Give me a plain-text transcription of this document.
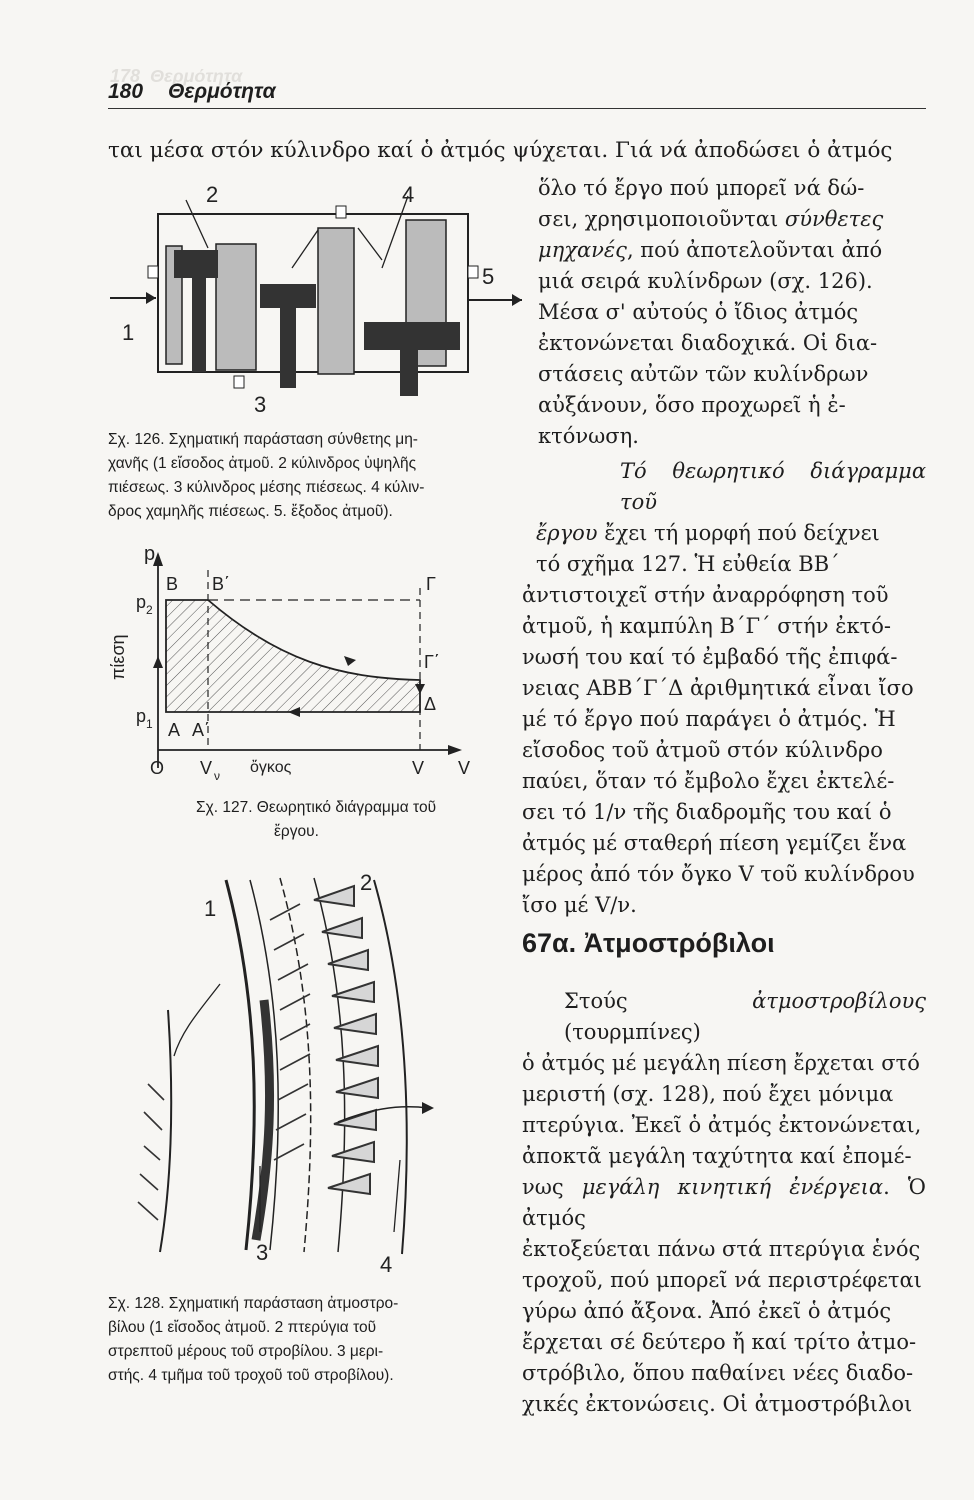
178  Θερμότητα
180 Θερμότητα
ται μέσα στόν κύλινδρο καί ὁ ἀτμός ψύχεται. Γιά νά ἀποδώσει ὁ ἀτμός
1
2
3
4
5
Σχ. 126. Σχηματική παράσταση σύνθετης μη-
χανῆς (1 εἴσοδος ἀτμοῦ. 2 κύλινδρος ὑψηλῆς
πιέσεως. 3 κύλινδρος μέσης πιέσεως. 4 κύλιν-
δρος χαμηλῆς πιέσεως. 5. ἔξοδος ἀτμοῦ).
p
B B΄	Γ
p 2
πίεση	Γ΄
Δ
p 1 A A΄
O V ν ὄγκος	V V
Σχ. 127. Θεωρητικό διάγραμμα τοῦ
ἔργου.
1
2
3	4
Σχ. 128. Σχηματική παράσταση ἀτμοστρο-
βίλου (1 εἴσοδος ἀτμοῦ. 2 πτερύγια τοῦ
στρεπτοῦ μέρους τοῦ στροβίλου. 3 μερι-
στής. 4 τμῆμα τοῦ τροχοῦ τοῦ στροβίλου).
ὅλο τό ἔργο πού μπορεῖ νά δώ-
σει, χρησιμοποιοῦνται σύνθετες
μηχανές, πού ἀποτελοῦνται ἀπό
μιά σειρά κυλίνδρων (σχ. 126).
Μέσα σ' αὐτούς ὁ ἴδιος ἀτμός
ἐκτονώνεται διαδοχικά. Οἱ δια-
στάσεις αὐτῶν τῶν κυλίνδρων
αὐξάνουν, ὅσο προχωρεῖ ἡ ἐ-
κτόνωση.
Τό θεωρητικό διάγραμμα τοῦ
ἔργου ἔχει τή μορφή πού δείχνει
τό σχῆμα 127. Ἡ εὐθεία ΒΒ΄
ἀντιστοιχεῖ στήν ἀναρρόφηση τοῦ
ἀτμοῦ, ἡ καμπύλη Β΄Γ΄ στήν ἐκτό-
νωσή του καί τό ἐμβαδό τῆς ἐπιφά-
νειας ΑΒΒ΄Γ΄Δ ἀριθμητικά εἶναι ἴσο
μέ τό ἔργο πού παράγει ὁ ἀτμός. Ἡ
εἴσοδος τοῦ ἀτμοῦ στόν κύλινδρο
παύει, ὅταν τό ἔμβολο ἔχει ἐκτελέ-
σει τό 1/ν τῆς διαδρομῆς του καί ὁ
ἀτμός μέ σταθερή πίεση γεμίζει ἕνα
μέρος ἀπό τόν ὄγκο V τοῦ κυλίνδρου
ἴσο μέ V/ν.
67α. Ἀτμοστρόβιλοι
Στούς	ἀτμοστροβίλους (τουρμπίνες)
ὁ ἀτμός μέ μεγάλη πίεση ἔρχεται στό
μεριστή (σχ. 128), πού ἔχει μόνιμα
πτερύγια. Ἐκεῖ ὁ ἀτμός ἐκτονώνεται,
ἀποκτᾶ μεγάλη ταχύτητα καί ἐπομέ-
νως μεγάλη κινητική ἐνέργεια. Ὁ ἀτμός
ἐκτοξεύεται πάνω στά πτερύγια ἑνός
τροχοῦ, πού μπορεῖ νά περιστρέφεται
γύρω ἀπό ἄξονα. Ἀπό ἐκεῖ ὁ ἀτμός
ἔρχεται σέ δεύτερο ἤ καί τρίτο ἀτμο-
στρόβιλο, ὅπου παθαίνει νέες διαδο-
χικές ἐκτονώσεις. Οἱ ἀτμοστρόβιλοι
